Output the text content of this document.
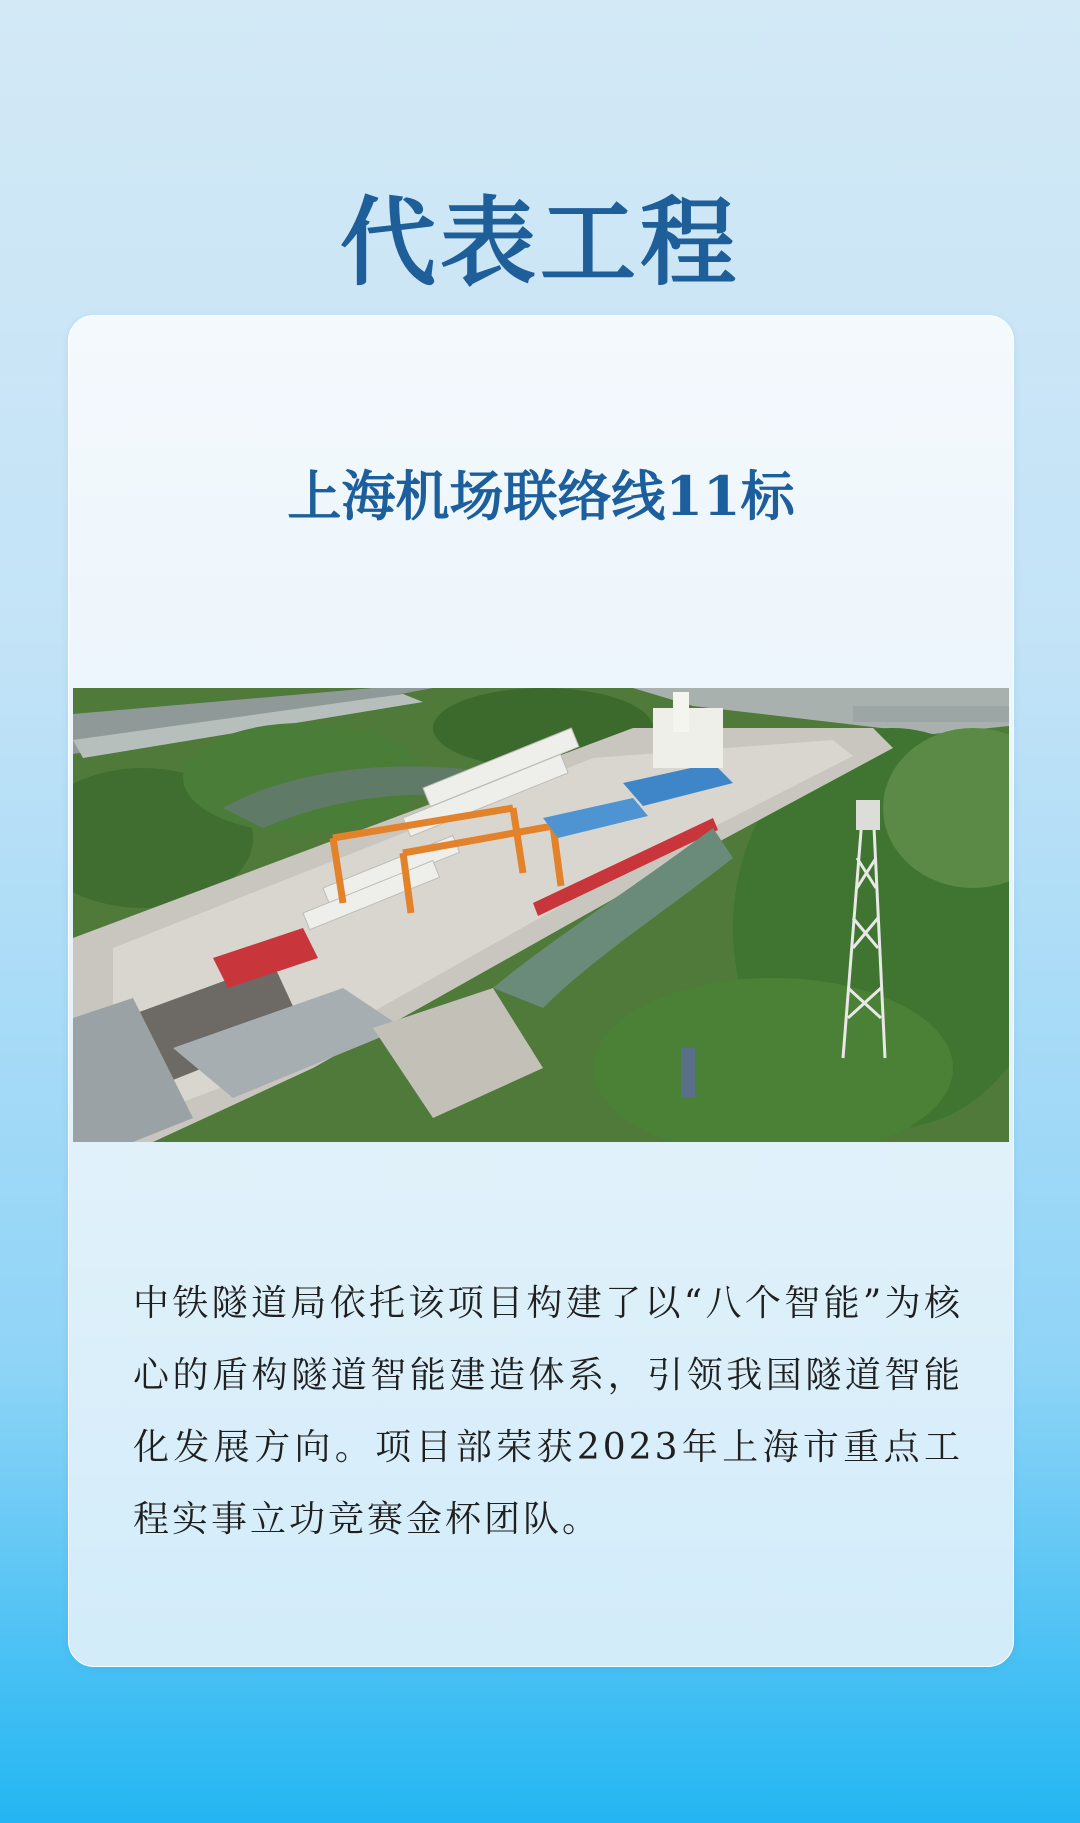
代表工程
上海机场联络线11标

中铁隧道局依托该项目构建了以“八个智能”为核心的盾构隧道智能建造体系，引领我国隧道智能化发展方向。项目部荣获2023年上海市重点工程实事立功竞赛金杯团队。
